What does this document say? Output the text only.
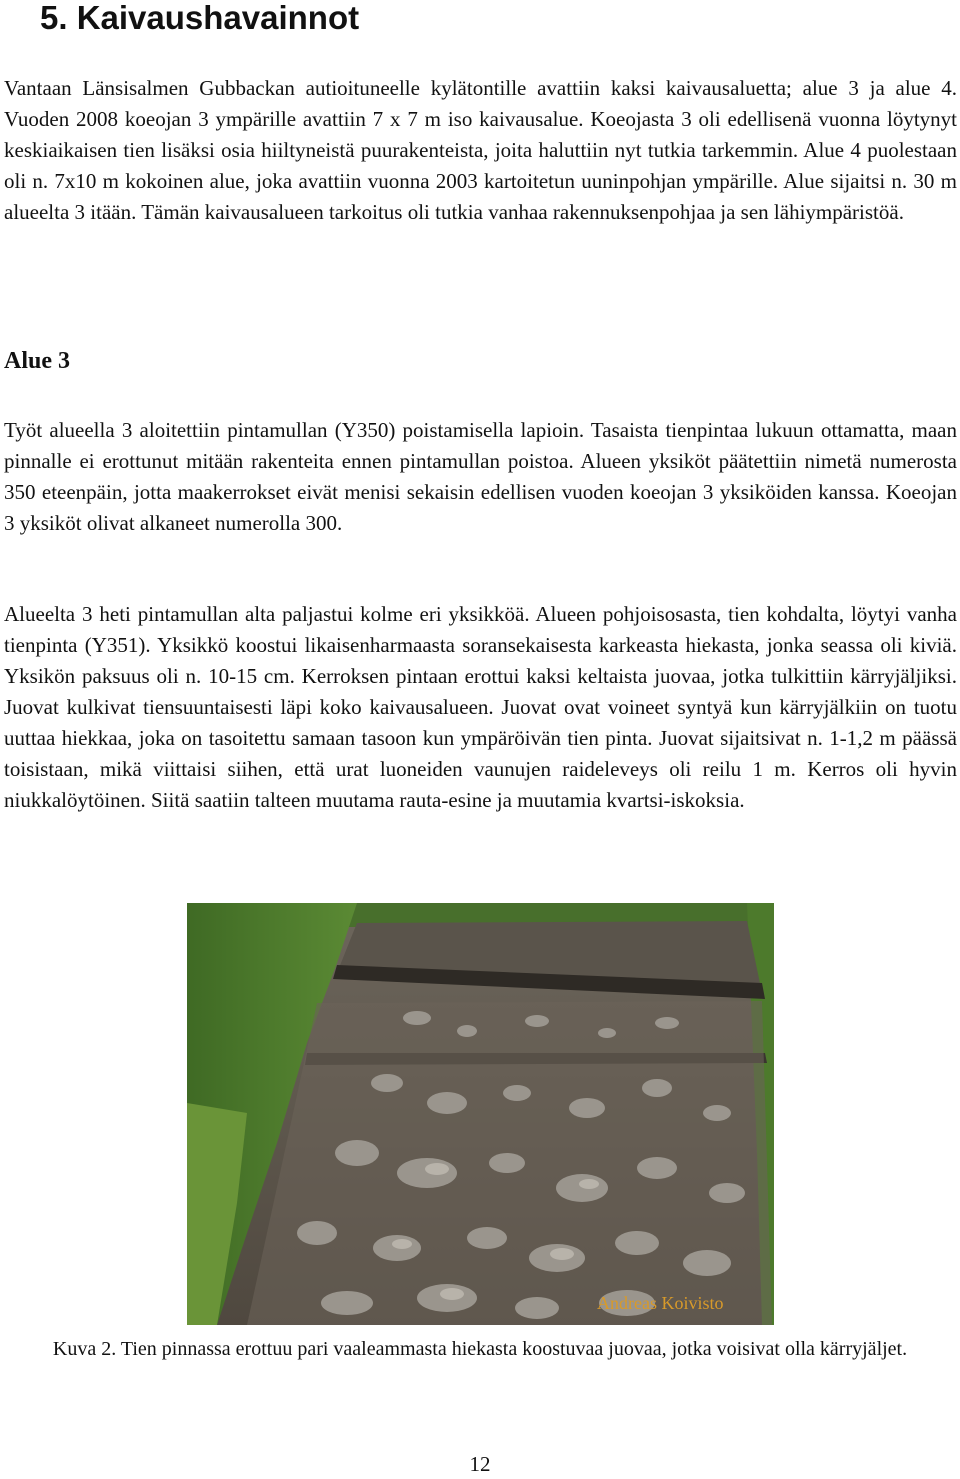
5. Kaivaushavainnot

Vantaan Länsisalmen Gubbackan autioituneelle kylätontille avattiin kaksi kaivausaluetta; alue 3 ja alue 4. Vuoden 2008 koeojan 3 ympärille avattiin 7 x 7 m iso kaivausalue. Koeojasta 3 oli edellisenä vuonna löytynyt keskiaikaisen tien lisäksi osia hiiltyneistä puurakenteista, joita haluttiin nyt tutkia tarkemmin. Alue 4 puolestaan oli n. 7x10 m kokoinen alue, joka avattiin vuonna 2003 kartoitetun uuninpohjan ympärille. Alue sijaitsi n. 30 m alueelta 3 itään. Tämän kaivausalueen tarkoitus oli tutkia vanhaa rakennuksenpohjaa ja sen lähiympäristöä.

Alue 3

Työt alueella 3 aloitettiin pintamullan (Y350) poistamisella lapioin. Tasaista tienpintaa lukuun ottamatta, maan pinnalle ei erottunut mitään rakenteita ennen pintamullan poistoa. Alueen yksiköt päätettiin nimetä numerosta 350 eteenpäin, jotta maakerrokset eivät menisi sekaisin edellisen vuoden koeojan 3 yksiköiden kanssa. Koeojan 3 yksiköt olivat alkaneet numerolla 300.

Alueelta 3 heti pintamullan alta paljastui kolme eri yksikköä. Alueen pohjoisosasta, tien kohdalta, löytyi vanha tienpinta (Y351). Yksikkö koostui likaisenharmaasta soransekaisesta karkeasta hiekasta, jonka seassa oli kiviä. Yksikön paksuus oli n. 10-15 cm. Kerroksen pintaan erottui kaksi keltaista juovaa, jotka tulkittiin kärryjäljiksi. Juovat kulkivat tiensuuntaisesti läpi koko kaivausalueen. Juovat ovat voineet syntyä kun kärryjälkiin on tuotu uuttaa hiekkaa, joka on tasoitettu samaan tasoon kun ympäröivän tien pinta. Juovat sijaitsivat n. 1-1,2 m päässä toisistaan, mikä viittaisi siihen, että urat luoneiden vaunujen raideleveys oli reilu 1 m. Kerros oli hyvin niukkalöytöinen. Siitä saatiin talteen muutama rauta-esine ja muutamia kvartsi-iskoksia.

Andreas Koivisto

Kuva 2. Tien pinnassa erottuu pari vaaleammasta hiekasta koostuvaa juovaa, jotka voisivat olla kärryjäljet.

12
